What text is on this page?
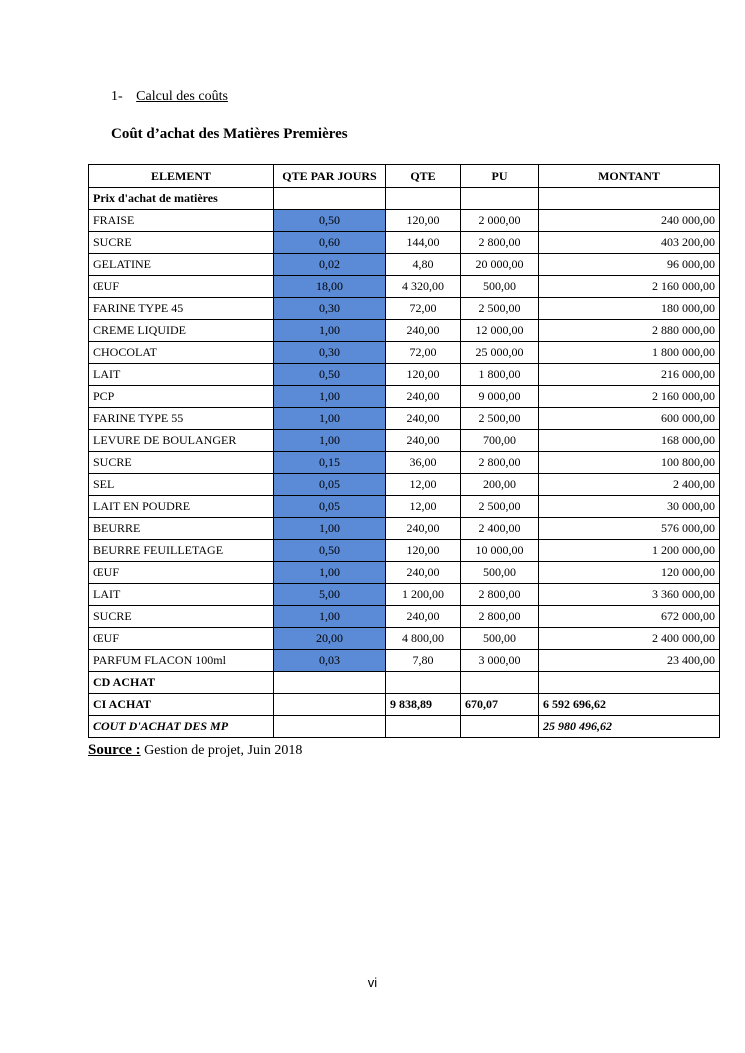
1- Calcul des coûts
Coût d’achat des Matières Premières
ELEMENT	QTE PAR JOURS	QTE	PU	MONTANT
Prix d'achat de matières				
FRAISE	0,50	120,00	2 000,00	240 000,00
SUCRE	0,60	144,00	2 800,00	403 200,00
GELATINE	0,02	4,80	20 000,00	96 000,00
ŒUF	18,00	4 320,00	500,00	2 160 000,00
FARINE TYPE 45	0,30	72,00	2 500,00	180 000,00
CREME LIQUIDE	1,00	240,00	12 000,00	2 880 000,00
CHOCOLAT	0,30	72,00	25 000,00	1 800 000,00
LAIT	0,50	120,00	1 800,00	216 000,00
PCP	1,00	240,00	9 000,00	2 160 000,00
FARINE TYPE 55	1,00	240,00	2 500,00	600 000,00
LEVURE DE BOULANGER	1,00	240,00	700,00	168 000,00
SUCRE	0,15	36,00	2 800,00	100 800,00
SEL	0,05	12,00	200,00	2 400,00
LAIT EN POUDRE	0,05	12,00	2 500,00	30 000,00
BEURRE	1,00	240,00	2 400,00	576 000,00
BEURRE FEUILLETAGE	0,50	120,00	10 000,00	1 200 000,00
ŒUF	1,00	240,00	500,00	120 000,00
LAIT	5,00	1 200,00	2 800,00	3 360 000,00
SUCRE	1,00	240,00	2 800,00	672 000,00
ŒUF	20,00	4 800,00	500,00	2 400 000,00
PARFUM FLACON 100ml	0,03	7,80	3 000,00	23 400,00
CD ACHAT				
CI ACHAT		9 838,89	670,07	6 592 696,62
COUT D'ACHAT DES MP				25 980 496,62
Source : Gestion de projet, Juin 2018
vi
